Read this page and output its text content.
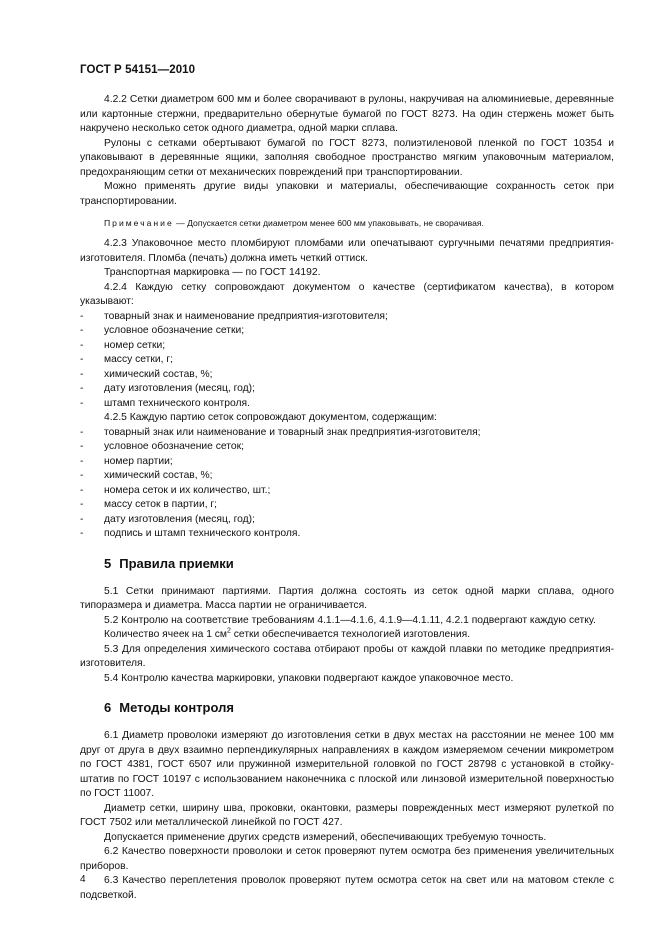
ГОСТ Р 54151—2010

4.2.2 Сетки диаметром 600 мм и более сворачивают в рулоны, накручивая на алюминиевые, деревянные или картонные стержни, предварительно обернутые бумагой по ГОСТ 8273. На один стержень может быть накручено несколько сеток одного диаметра, одной марки сплава.

Рулоны с сетками обертывают бумагой по ГОСТ 8273, полиэтиленовой пленкой по ГОСТ 10354 и упаковывают в деревянные ящики, заполняя свободное пространство мягким упаковочным материалом, предохраняющим сетки от механических повреждений при транспортировании.

Можно применять другие виды упаковки и материалы, обеспечивающие сохранность сеток при транспортировании.

Примечание — Допускается сетки диаметром менее 600 мм упаковывать, не сворачивая.

4.2.3 Упаковочное место пломбируют пломбами или опечатывают сургучными печатями предприятия-изготовителя. Пломба (печать) должна иметь четкий оттиск.

Транспортная маркировка — по ГОСТ 14192.

4.2.4 Каждую сетку сопровождают документом о качестве (сертификатом качества), в котором указывают:

- товарный знак и наименование предприятия-изготовителя;
- условное обозначение сетки;
- номер сетки;
- массу сетки, г;
- химический состав, %;
- дату изготовления (месяц, год);
- штамп технического контроля.

4.2.5 Каждую партию сеток сопровождают документом, содержащим:

- товарный знак или наименование и товарный знак предприятия-изготовителя;
- условное обозначение сеток;
- номер партии;
- химический состав, %;
- номера сеток и их количество, шт.;
- массу сеток в партии, г;
- дату изготовления (месяц, год);
- подпись и штамп технического контроля.
5 Правила приемки

5.1 Сетки принимают партиями. Партия должна состоять из сеток одной марки сплава, одного типоразмера и диаметра. Масса партии не ограничивается.

5.2 Контролю на соответствие требованиям 4.1.1—4.1.6, 4.1.9—4.1.11, 4.2.1 подвергают каждую сетку.

Количество ячеек на 1 $см^2$ сетки обеспечивается технологией изготовления.

5.3 Для определения химического состава отбирают пробы от каждой плавки по методике предприятия-изготовителя.

5.4 Контролю качества маркировки, упаковки подвергают каждое упаковочное место.

6 Методы контроля

6.1 Диаметр проволоки измеряют до изготовления сетки в двух местах на расстоянии не менее 100 мм друг от друга в двух взаимно перпендикулярных направлениях в каждом измеряемом сечении микрометром по ГОСТ 4381, ГОСТ 6507 или пружинной измерительной головкой по ГОСТ 28798 с установкой в стойку-штатив по ГОСТ 10197 с использованием наконечника с плоской или линзовой измерительной поверхностью по ГОСТ 11007.

Диаметр сетки, ширину шва, проковки, окантовки, размеры поврежденных мест измеряют рулеткой по ГОСТ 7502 или металлической линейкой по ГОСТ 427.

Допускается применение других средств измерений, обеспечивающих требуемую точность.

6.2 Качество поверхности проволоки и сеток проверяют путем осмотра без применения увеличительных приборов.

6.3 Качество переплетения проволок проверяют путем осмотра сеток на свет или на матовом стекле с подсветкой.

4
